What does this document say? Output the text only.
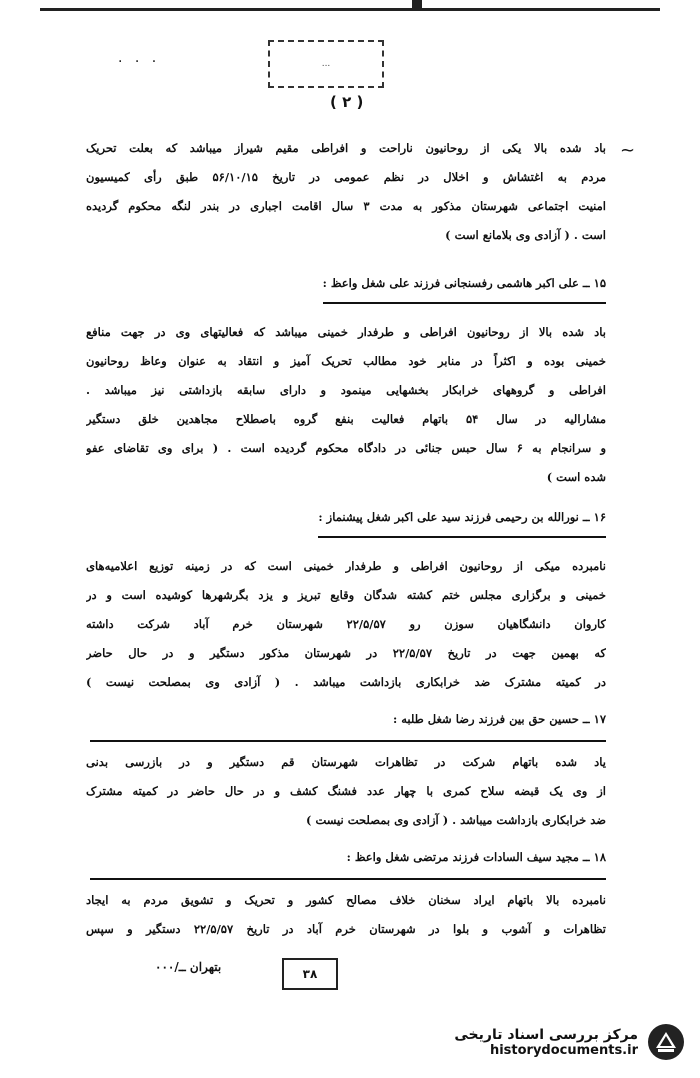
. . .	...
( ۲ )
~
باد شده بالا یکی از روحانیون ناراحت و افراطی مقیم شیراز میباشد که بعلت تحریک
مردم به اغتشاش و اخلال در نظم عمومی در تاریخ ۵۶/۱۰/۱۵ طبق رأی کمیسیون
امنیت اجتماعی شهرستان مذکور به مدت ۳ سال اقامت اجباری در بندر لنگه محکوم گردیده
است . ( آزادی وی بلامانع است )
۱۵ ــ علی اکبر هاشمی رفسنجانی فرزند علی شغل واعظ :
باد شده بالا از روحانیون افراطی و طرفدار خمینی میباشد که فعالیتهای وی در جهت منافع
خمینی بوده و اکثراً در منابر خود مطالب تحریک آمیز و انتقاد به عنوان وعاظ روحانیون
افراطی و گروههای خرابکار بخشهایی مینمود و دارای سابقه بازداشتی نیز میباشد .
مشارالیه در سال ۵۴ باتهام فعالیت بنفع گروه باصطلاح مجاهدین خلق دستگیر
و سرانجام به ۶ سال حبس جنائی در دادگاه محکوم گردیده است . ( برای وی تقاضای عفو
شده است )
۱۶ ــ نورالله بن رحیمی فرزند سید علی اکبر شغل پیشنماز :
نامبرده میکی از روحانیون افراطی و طرفدار خمینی است که در زمینه توزیع اعلامیه‌های
خمینی و برگزاری مجلس ختم کشته شدگان وقایع تبریز و یزد بگرشهرها کوشیده است و در
کاروان دانشگاهیان سوزن رو ۲۲/۵/۵۷ شهرستان خرم آباد شرکت داشته
که بهمین جهت در تاریخ ۲۲/۵/۵۷ در شهرستان مذکور دستگیر و در حال حاضر
در کمیته مشترک ضد خرابکاری بازداشت میباشد . ( آزادی وی بمصلحت نیست )
۱۷ ــ حسین حق بین فرزند رضا شغل طلبه :
یاد شده باتهام شرکت در تظاهرات شهرستان قم دستگیر و در بازرسی بدنی
از وی یک قبضه سلاح کمری با چهار عدد فشنگ کشف و در حال حاضر در کمیته مشترک
ضد خرابکاری بازداشت میباشد . ( آزادی وی بمصلحت نیست )
۱۸ ــ مجید سیف السادات فرزند مرتضی شغل واعظ :
نامبرده بالا باتهام ایراد سخنان خلاف مصالح کشور و تحریک و تشویق مردم به ایجاد
تظاهرات و آشوب و بلوا در شهرستان خرم آباد در تاریخ ۲۲/۵/۵۷ دستگیر و سپس
بتهران ــ/۰۰۰	۳۸
مرکز بررسی اسناد تاریخی
historydocuments.ir
